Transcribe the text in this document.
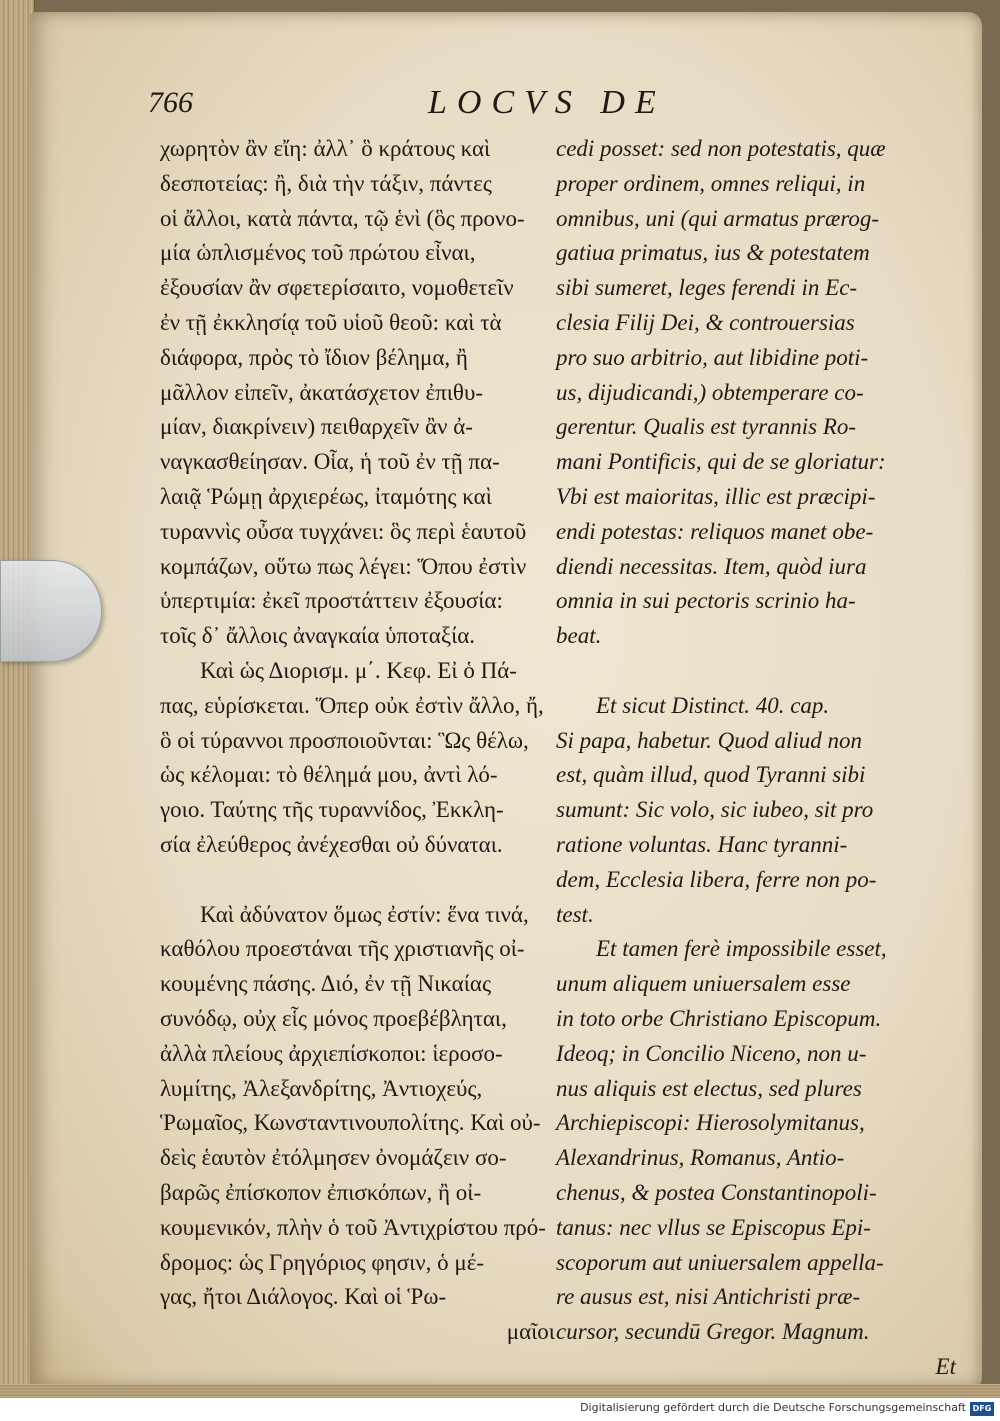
766	LOCVS DE
χωρητὸν ἂν εἴη: ἀλλ᾽ ὃ κράτους καὶ
δεσποτείας: ἢ, διὰ τὴν τάξιν, πάντες
οἱ ἄλλοι, κατὰ πάντα, τῷ ἑνὶ (ὃς προνο-
μία ὡπλισμένος τοῦ πρώτου εἶναι,
ἐξουσίαν ἂν σφετερίσαιτο, νομοθετεῖν
ἐν τῇ ἐκκλησίᾳ τοῦ υἱοῦ θεοῦ: καὶ τὰ
διάφορα, πρὸς τὸ ἴδιον βέλημα, ἢ
μᾶλλον εἰπεῖν, ἀκατάσχετον ἐπιθυ-
μίαν, διακρίνειν) πειθαρχεῖν ἂν ἀ-
ναγκασθείησαν. Οἷα, ἡ τοῦ ἐν τῇ πα-
λαιᾷ Ῥώμῃ ἀρχιερέως, ἰταμότης καὶ
τυραννὶς οὖσα τυγχάνει: ὃς περὶ ἑαυτοῦ
κομπάζων, οὕτω πως λέγει: Ὅπου ἐστὶν
ὑπερτιμία: ἐκεῖ προστάττειν ἐξουσία:
τοῖς δ᾽ ἄλλοις ἀναγκαία ὑποταξία.
Καὶ ὡς Διορισμ. μ΄. Κεφ. Εἰ ὁ Πά-
πας, εὑρίσκεται. Ὅπερ οὐκ ἐστὶν ἄλλο, ἤ,
ὃ οἱ τύραννοι προσποιοῦνται: Ὣς θέλω,
ὡς κέλομαι: τὸ θέλημά μου, ἀντὶ λό-
γοιο. Ταύτης τῆς τυραννίδος, Ἐκκλη-
σία ἐλεύθερος ἀνέχεσθαι οὐ δύναται.
Καὶ ἀδύνατον ὅμως ἐστίν: ἕνα τινά,
καθόλου προεστάναι τῆς χριστιανῆς οἰ-
κουμένης πάσης. Διό, ἐν τῇ Νικαίας
συνόδῳ, οὐχ εἷς μόνος προεβέβληται,
ἀλλὰ πλείους ἀρχιεπίσκοποι: ἱεροσο-
λυμίτης, Ἀλεξανδρίτης, Ἀντιοχεύς,
Ῥωμαῖος, Κωνσταντινουπολίτης. Καὶ οὐ-
δεὶς ἑαυτὸν ἐτόλμησεν ὀνομάζειν σο-
βαρῶς ἐπίσκοπον ἐπισκόπων, ἢ οἰ-
κουμενικόν, πλὴν ὁ τοῦ Ἀντιχρίστου πρό-
δρομος: ὡς Γρηγόριος φησιν, ὁ μέ-
γας, ἤτοι Διάλογος. Καὶ οἱ Ῥω-
μαῖοι
cedi posset: sed non potestatis, quæ
proper ordinem, omnes reliqui, in
omnibus, uni (qui armatus prærog-
gatiua primatus, ius & potestatem
sibi sumeret, leges ferendi in Ec-
clesia Filij Dei, & controuersias
pro suo arbitrio, aut libidine poti-
us, dijudicandi,) obtemperare co-
gerentur. Qualis est tyrannis Ro-
mani Pontificis, qui de se gloriatur:
Vbi est maioritas, illic est præcipi-
endi potestas: reliquos manet obe-
diendi necessitas. Item, quòd iura
omnia in sui pectoris scrinio ha-
beat.
Et sicut Distinct. 40. cap.
Si papa, habetur. Quod aliud non
est, quàm illud, quod Tyranni sibi
sumunt: Sic volo, sic iubeo, sit pro
ratione voluntas. Hanc tyranni-
dem, Ecclesia libera, ferre non po-
test.
Et tamen ferè impossibile esset,
unum aliquem uniuersalem esse
in toto orbe Christiano Episcopum.
Ideoq; in Concilio Niceno, non u-
nus aliquis est electus, sed plures
Archiepiscopi: Hierosolymitanus,
Alexandrinus, Romanus, Antio-
chenus, & postea Constantinopoli-
tanus: nec vllus se Episcopus Epi-
scoporum aut uniuersalem appella-
re ausus est, nisi Antichristi præ-
cursor, secundū Gregor. Magnum.
Et
Digitalisierung gefördert durch die Deutsche Forschungsgemeinschaft DFG
